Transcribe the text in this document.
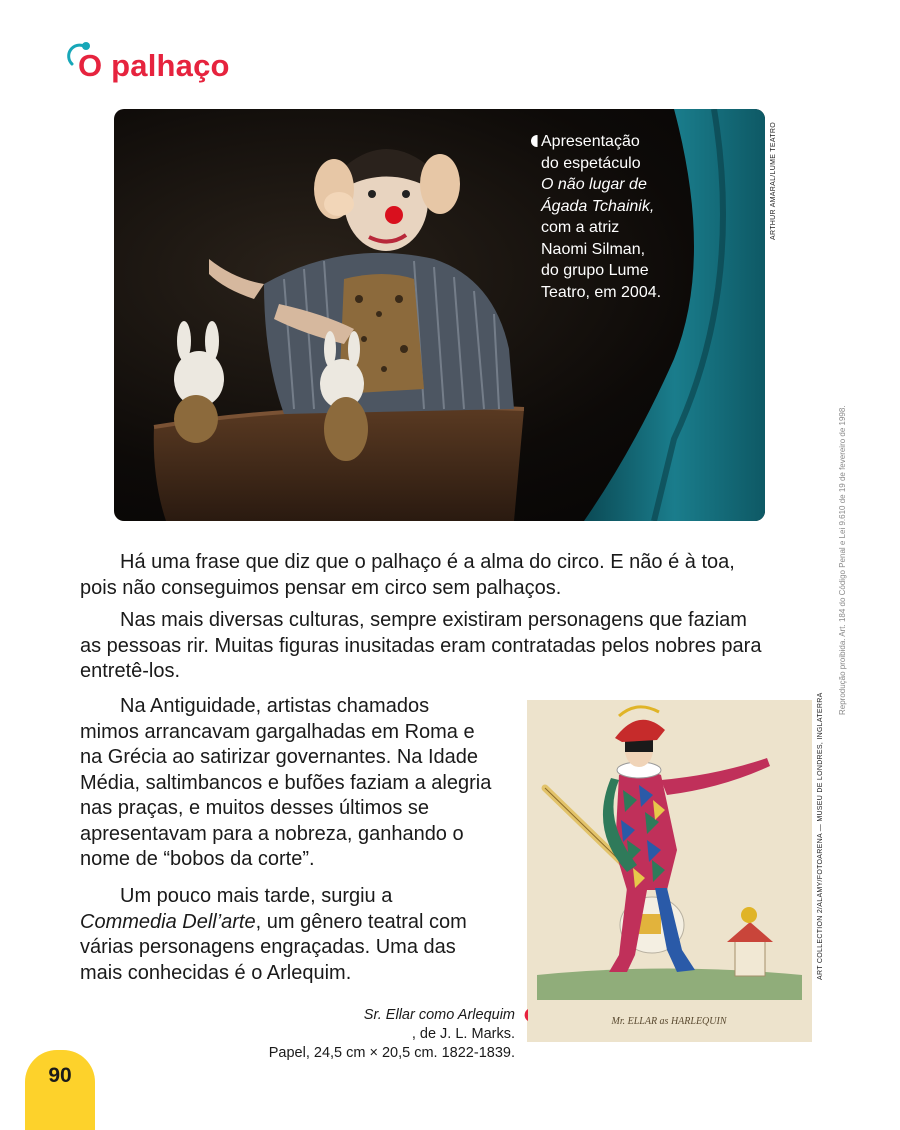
O palhaço
Apresentação
do espetáculo
O não lugar de
Ágada Tchainik,
com a atriz
Naomi Silman,
do grupo Lume
Teatro, em 2004.
ARTHUR AMARAL/LUME TEATRO
Há uma frase que diz que o palhaço é a alma do circo. E não é à toa,
pois não conseguimos pensar em circo sem palhaços.
Nas mais diversas culturas, sempre existiram personagens que faziam
as pessoas rir. Muitas figuras inusitadas eram contratadas pelos nobres para
entretê-los.
Na Antiguidade, artistas chamados
mimos arrancavam gargalhadas em Roma e
na Grécia ao satirizar governantes. Na Idade
Média, saltimbancos e bufões faziam a alegria
nas praças, e muitos desses últimos se
apresentavam para a nobreza, ganhando o
nome de “bobos da corte”.
Um pouco mais tarde, surgiu a
Commedia Dell’arte, um gênero teatral com
várias personagens engraçadas. Uma das
mais conhecidas é o Arlequim.
Mr. ELLAR as HARLEQUIN
ART COLLECTION 2/ALAMY/FOTOARENA — MUSEU DE LONDRES, INGLATERRA
Reprodução proibida. Art. 184 do Código Penal e Lei 9.610 de 19 de fevereiro de 1998.
Sr. Ellar como Arlequim
, de J. L. Marks.
Papel, 24,5 cm × 20,5 cm. 1822-1839.
90
